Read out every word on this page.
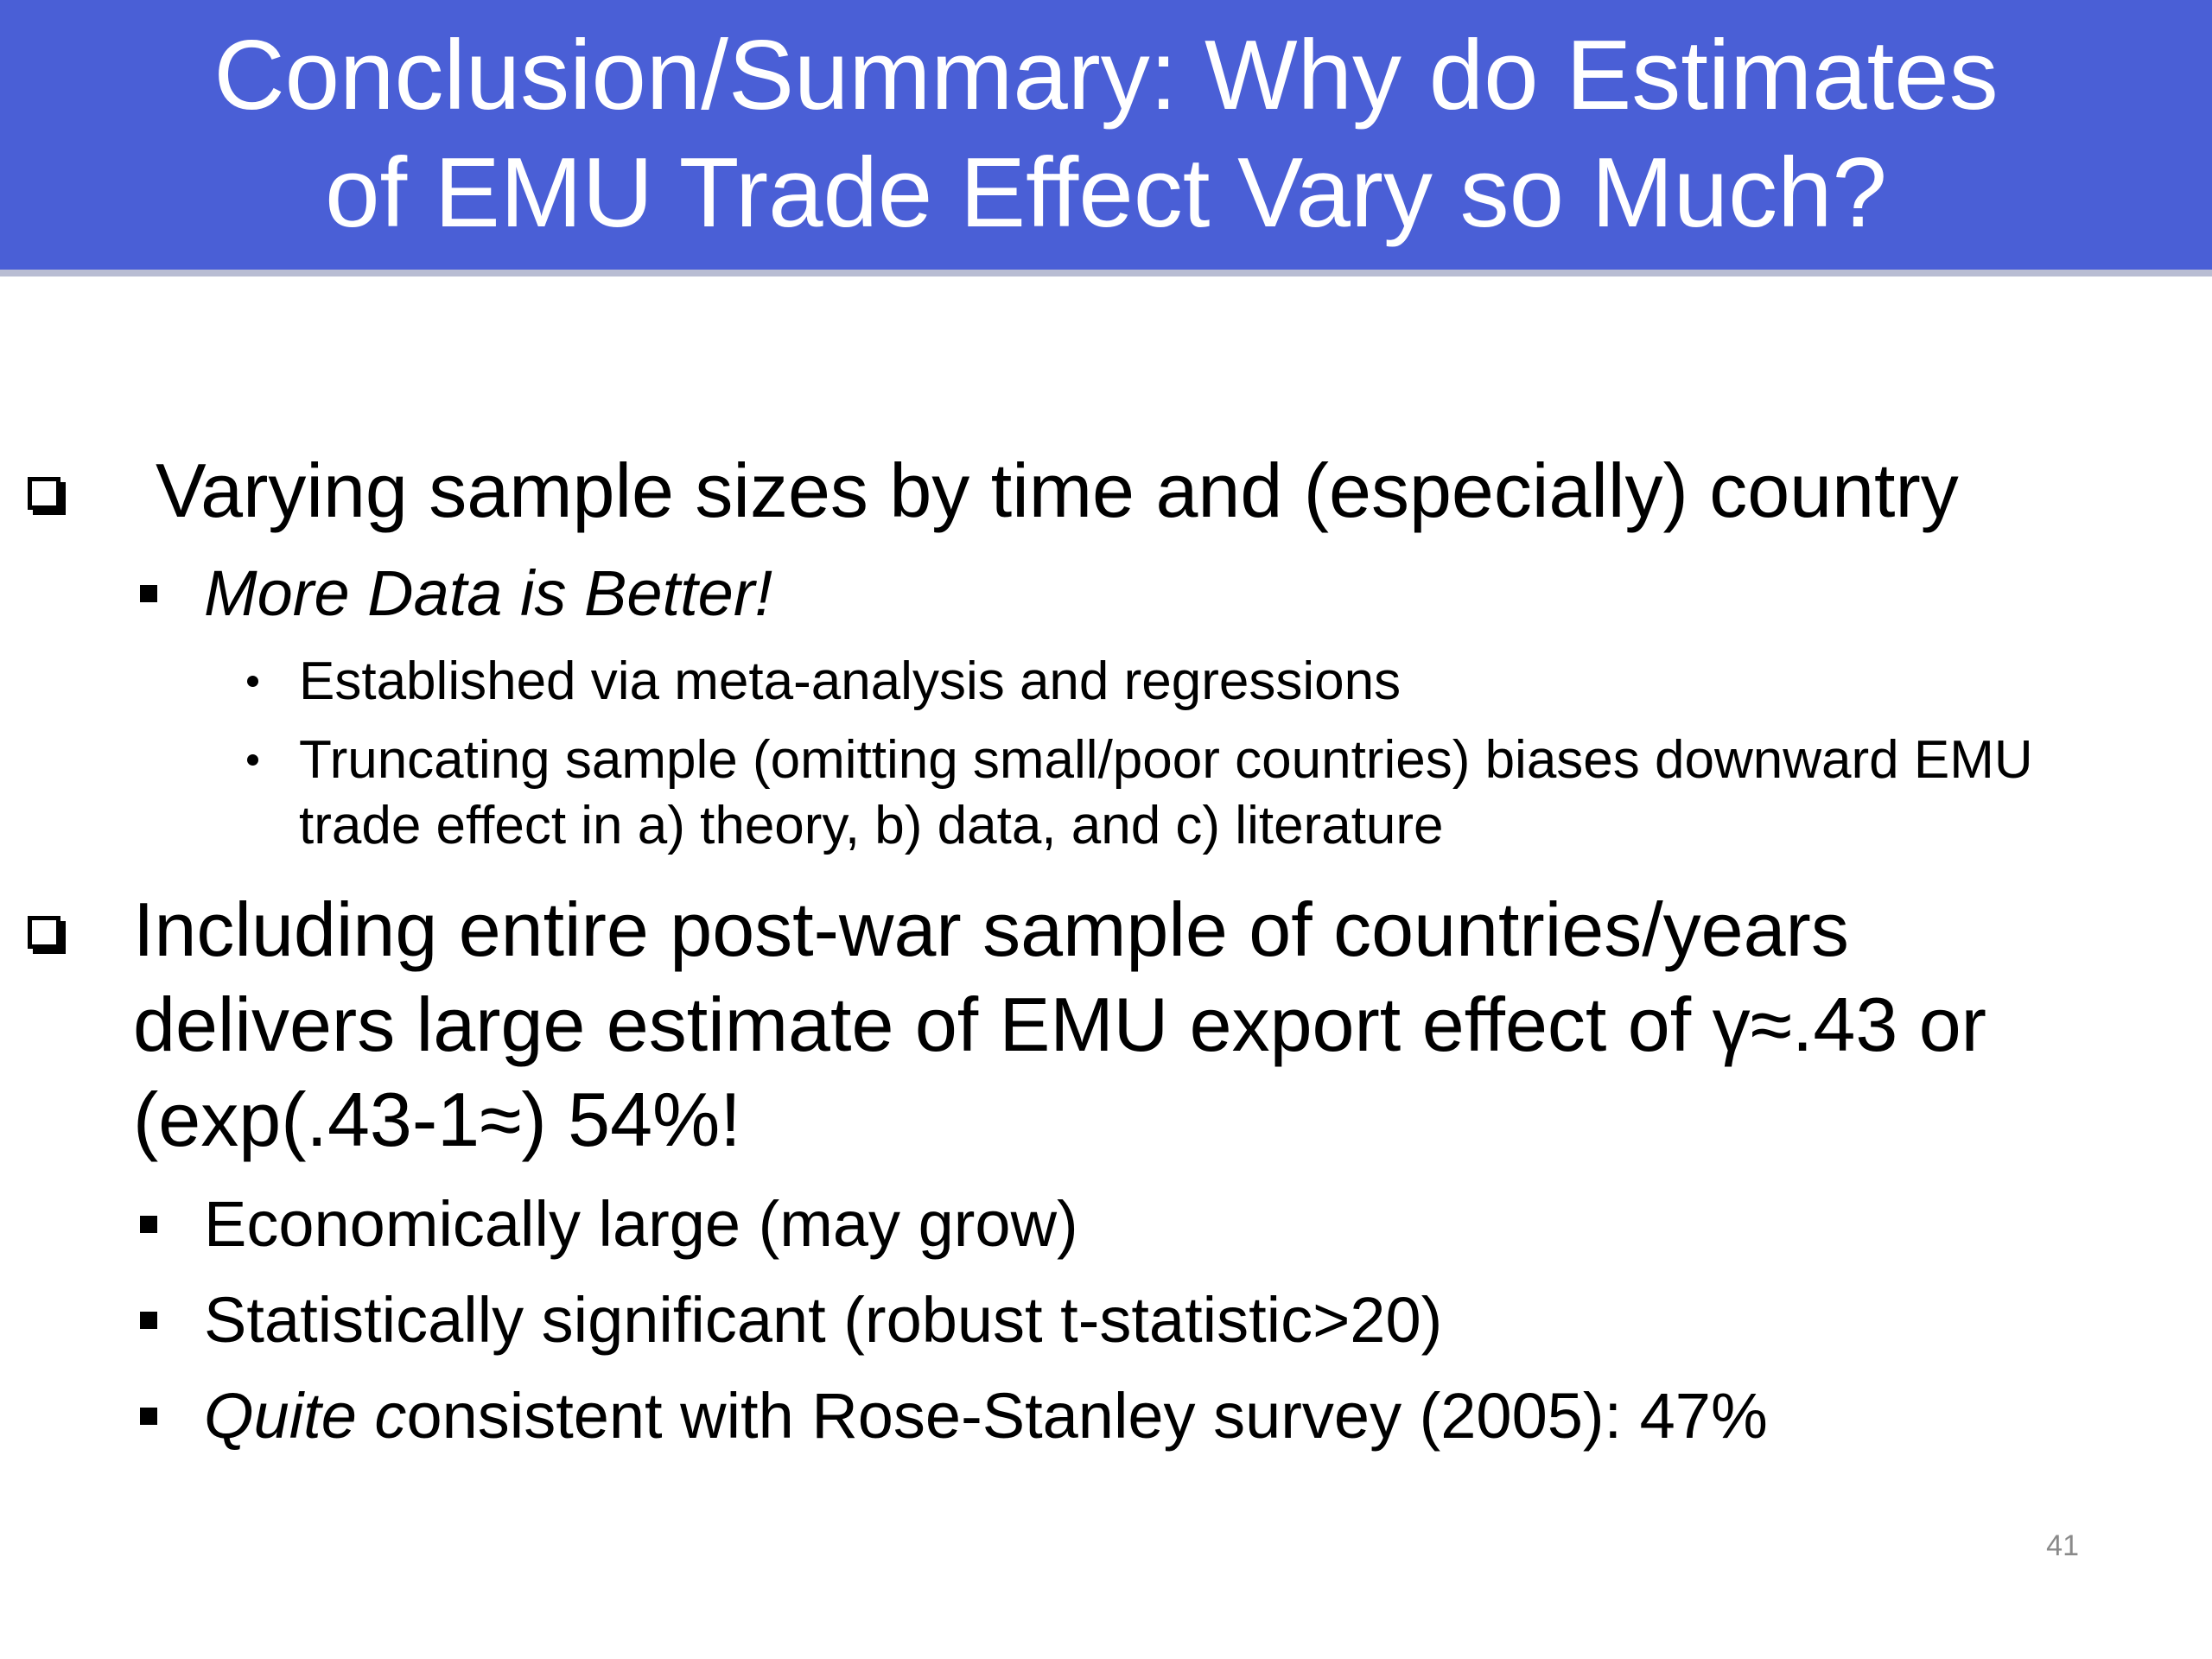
Conclusion/Summary: Why do Estimates
of EMU Trade Effect Vary so Much?
Varying sample sizes by time and (especially) country
More Data is Better!
Established via meta-analysis and regressions
Truncating sample (omitting small/poor countries) biases downward EMU
trade effect in a) theory, b) data, and c) literature
Including entire post-war sample of countries/years
delivers large estimate of EMU export effect of γ≈.43 or
(exp(.43-1≈) 54%!
Economically large (may grow)
Statistically significant (robust t-statistic>20)
Quite consistent with Rose-Stanley survey (2005): 47%
41
